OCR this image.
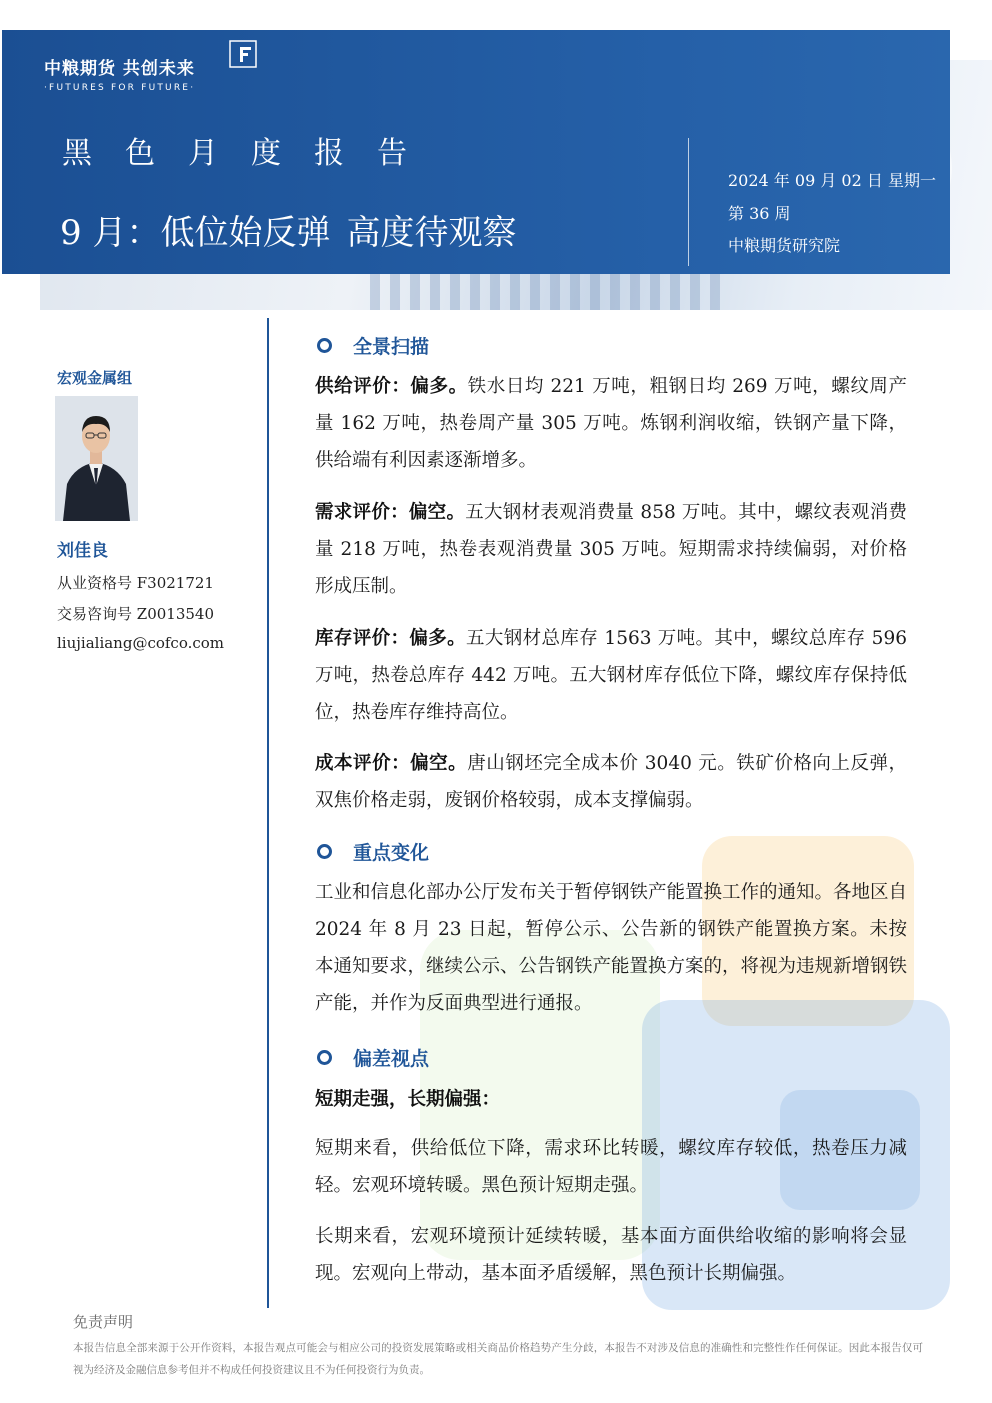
中粮期货 共创未来
·FUTURES FOR FUTURE·
黑色月度报告
9 月：低位始反弹 高度待观察
2024 年 09 月 02 日 星期一
第 36 周
中粮期货研究院
宏观金属组
刘佳良
从业资格号 F3021721
交易咨询号 Z0013540
liujialiang@cofco.com
全景扫描
供给评价：偏多。铁水日均 221 万吨，粗钢日均 269 万吨，螺纹周产量 162 万吨，热卷周产量 305 万吨。炼钢利润收缩，铁钢产量下降，供给端有利因素逐渐增多。
需求评价：偏空。五大钢材表观消费量 858 万吨。其中，螺纹表观消费量 218 万吨，热卷表观消费量 305 万吨。短期需求持续偏弱，对价格形成压制。
库存评价：偏多。五大钢材总库存 1563 万吨。其中，螺纹总库存 596 万吨，热卷总库存 442 万吨。五大钢材库存低位下降，螺纹库存保持低位，热卷库存维持高位。
成本评价：偏空。唐山钢坯完全成本价 3040 元。铁矿价格向上反弹，双焦价格走弱，废钢价格较弱，成本支撑偏弱。
重点变化
工业和信息化部办公厅发布关于暂停钢铁产能置换工作的通知。各地区自 2024 年 8 月 23 日起，暂停公示、公告新的钢铁产能置换方案。未按本通知要求，继续公示、公告钢铁产能置换方案的，将视为违规新增钢铁产能，并作为反面典型进行通报。
偏差视点
短期走强，长期偏强：
短期来看，供给低位下降，需求环比转暖，螺纹库存较低，热卷压力减轻。宏观环境转暖。黑色预计短期走强。
长期来看，宏观环境预计延续转暖，基本面方面供给收缩的影响将会显现。宏观向上带动，基本面矛盾缓解，黑色预计长期偏强。
免责声明
本报告信息全部来源于公开作资料，本报告观点可能会与相应公司的投资发展策略或相关商品价格趋势产生分歧，本报告不对涉及信息的准确性和完整性作任何保证。因此本报告仅可视为经济及金融信息参考但并不构成任何投资建议且不为任何投资行为负责。
